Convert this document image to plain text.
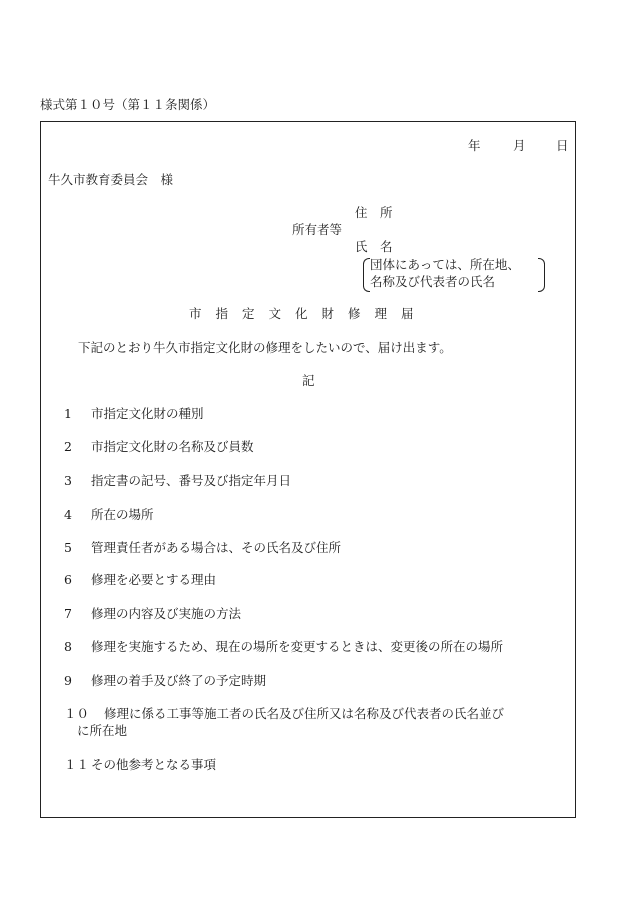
様式第１０号（第１１条関係）
年	月 日
牛久市教育委員会　様
住　所
所有者等
氏　名
団体にあっては、所在地、
名称及び代表者の氏名
市指定文化財修理届
下記のとおり牛久市指定文化財の修理をしたいので、届け出ます。
記
1 市指定文化財の種別
2 市指定文化財の名称及び員数
3 指定書の記号、番号及び指定年月日
4 所在の場所
5 管理責任者がある場合は、その氏名及び住所
6 修理を必要とする理由
7 修理の内容及び実施の方法
8 修理を実施するため、現在の場所を変更するときは、変更後の所在の場所
9 修理の着手及び終了の予定時期
１０ 修理に係る工事等施工者の氏名及び住所又は名称及び代表者の氏名並び
に所在地
１１ その他参考となる事項
